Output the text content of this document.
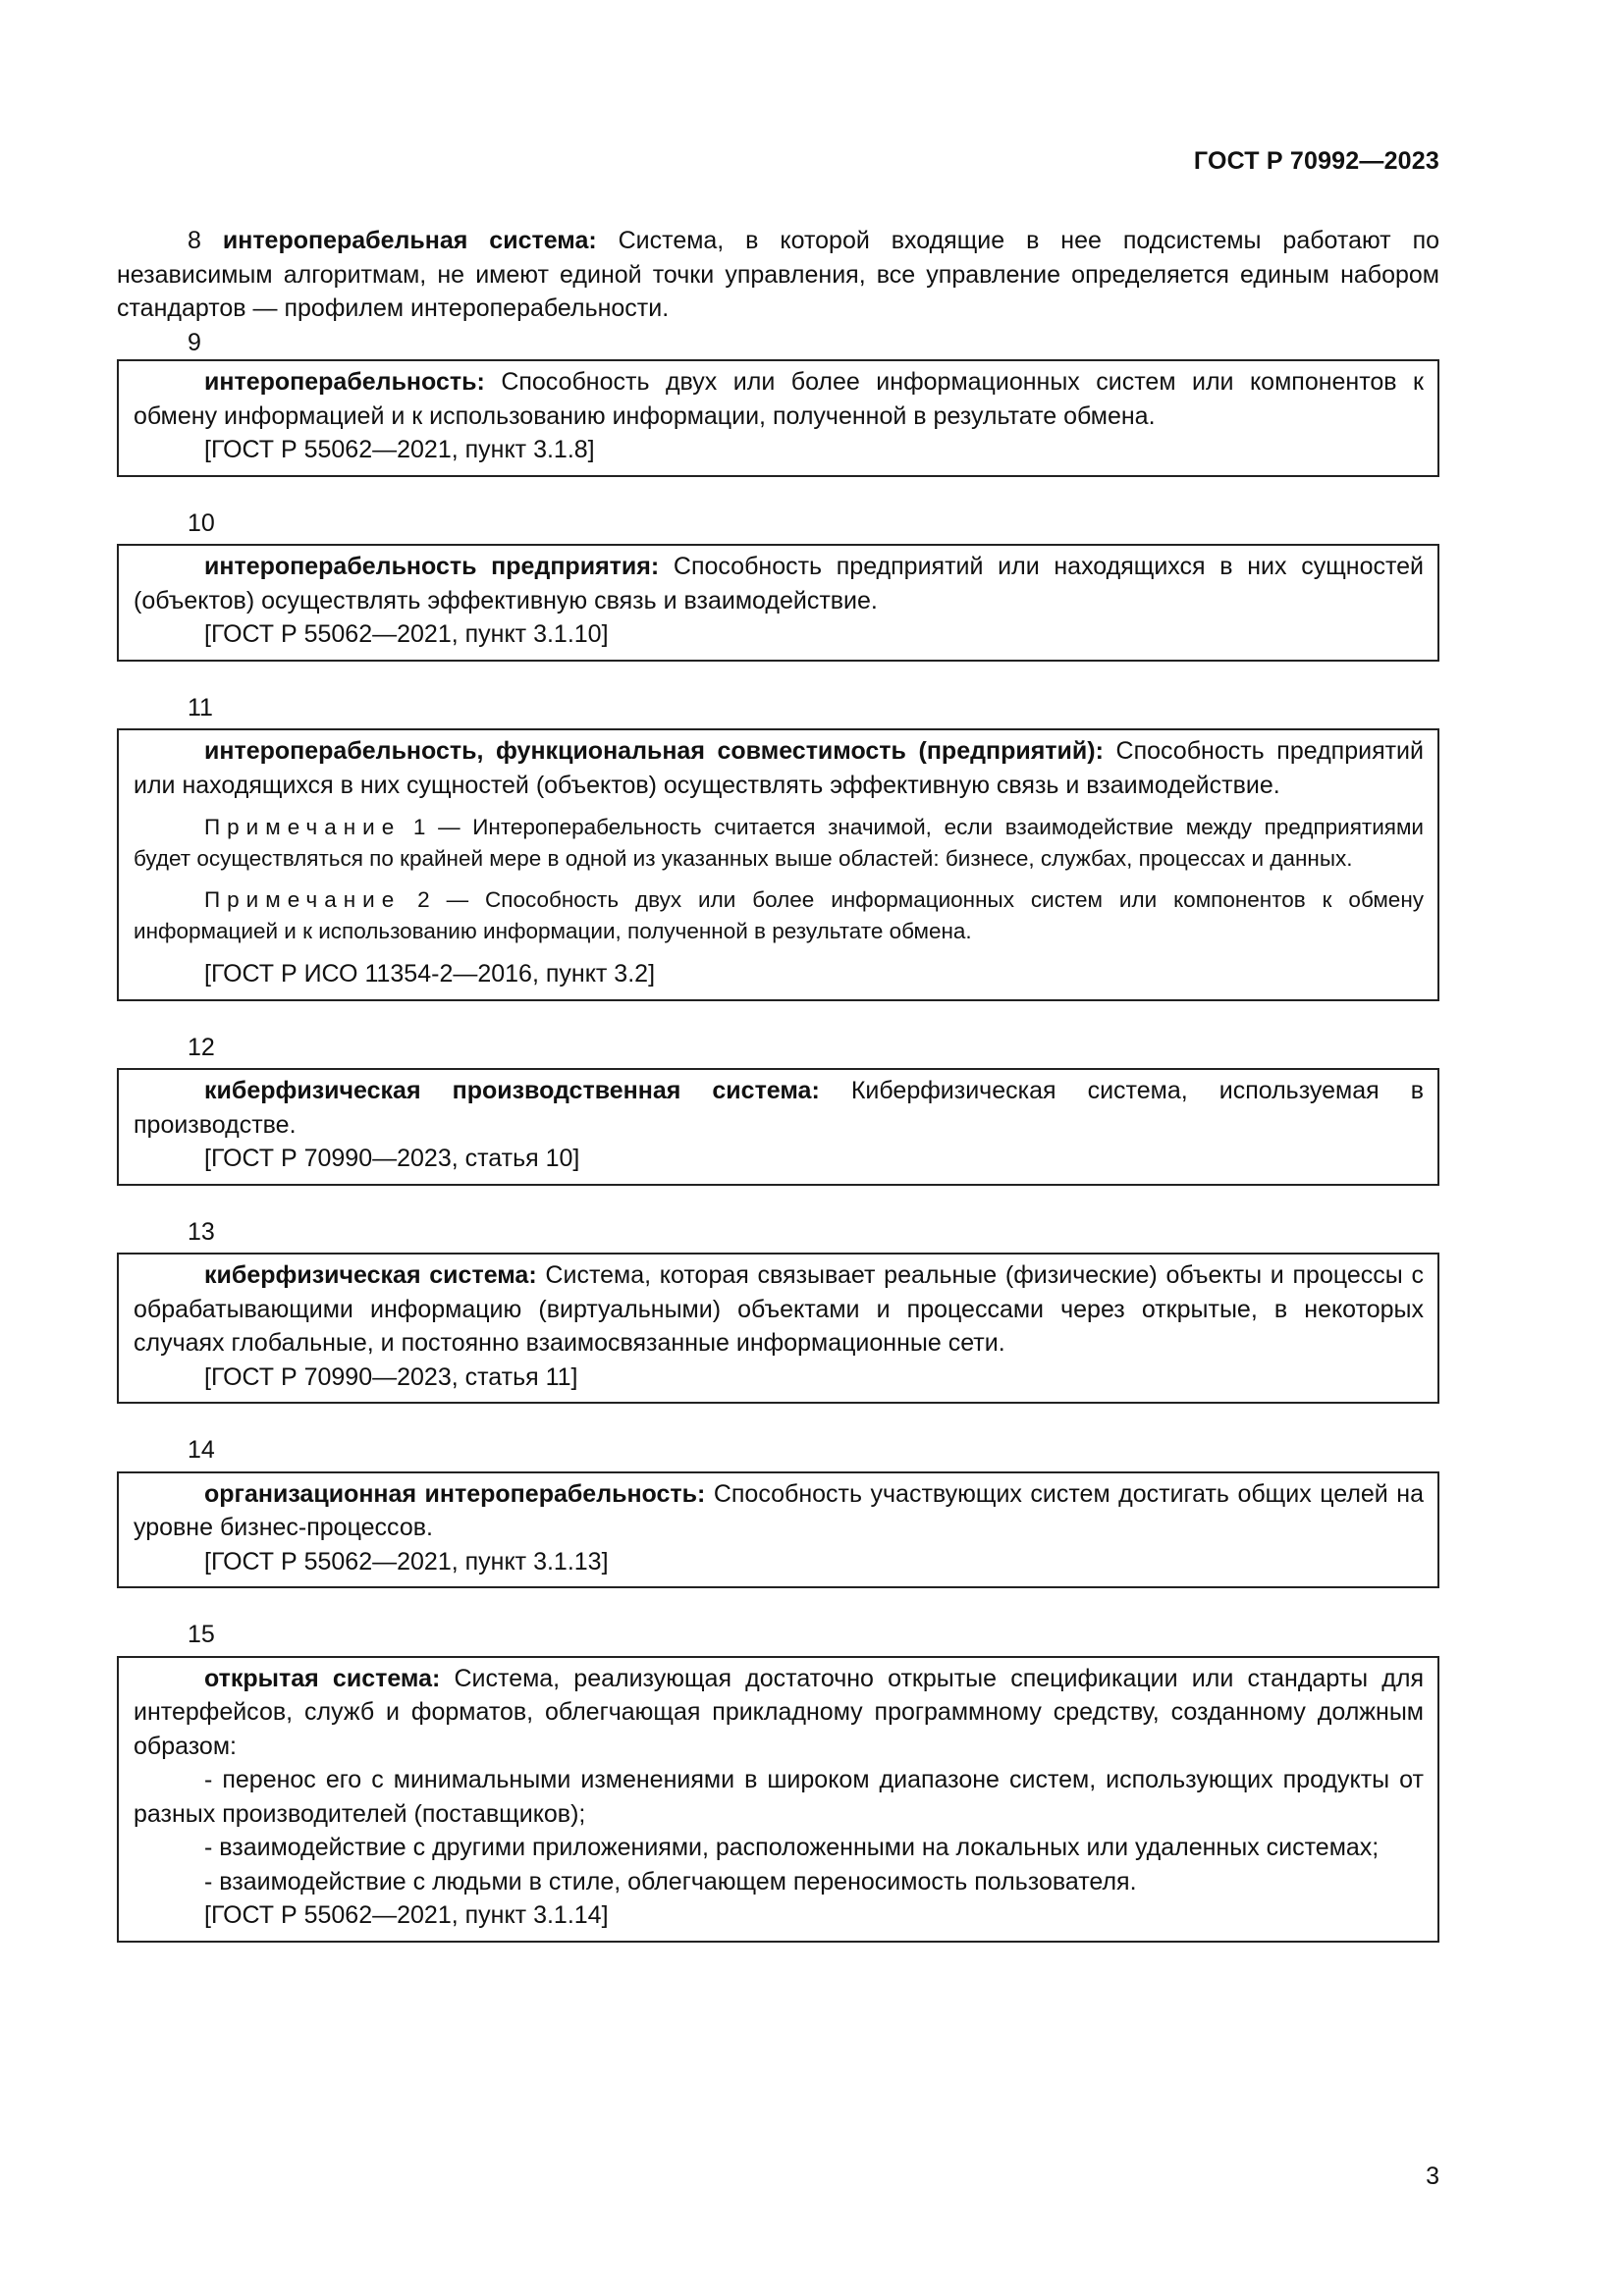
ГОСТ Р 70992—2023

8 интероперабельная система: Система, в которой входящие в нее подсистемы работают по независимым алгоритмам, не имеют единой точки управления, все управление определяется единым набором стандартов — профилем интероперабельности.

9

интероперабельность: Способность двух или более информационных систем или компонентов к обмену информацией и к использованию информации, полученной в результате обмена.

[ГОСТ Р 55062—2021, пункт 3.1.8]

10

интероперабельность предприятия: Способность предприятий или находящихся в них сущностей (объектов) осуществлять эффективную связь и взаимодействие.

[ГОСТ Р 55062—2021, пункт 3.1.10]

11

интероперабельность, функциональная совместимость (предприятий): Способность предприятий или находящихся в них сущностей (объектов) осуществлять эффективную связь и взаимодействие.

Примечание 1 — Интероперабельность считается значимой, если взаимодействие между предприятиями будет осуществляться по крайней мере в одной из указанных выше областей: бизнесе, службах, процессах и данных.

Примечание 2 — Способность двух или более информационных систем или компонентов к обмену информацией и к использованию информации, полученной в результате обмена.

[ГОСТ Р ИСО 11354-2—2016, пункт 3.2]

12

киберфизическая производственная система: Киберфизическая система, используемая в производстве.

[ГОСТ Р 70990—2023, статья 10]

13

киберфизическая система: Система, которая связывает реальные (физические) объекты и процессы с обрабатывающими информацию (виртуальными) объектами и процессами через открытые, в некоторых случаях глобальные, и постоянно взаимосвязанные информационные сети.

[ГОСТ Р 70990—2023, статья 11]

14

организационная интероперабельность: Способность участвующих систем достигать общих целей на уровне бизнес-процессов.

[ГОСТ Р 55062—2021, пункт 3.1.13]

15

открытая система: Система, реализующая достаточно открытые спецификации или стандарты для интерфейсов, служб и форматов, облегчающая прикладному программному средству, созданному должным образом:

- перенос его с минимальными изменениями в широком диапазоне систем, использующих продукты от разных производителей (поставщиков);

- взаимодействие с другими приложениями, расположенными на локальных или удаленных системах;

- взаимодействие с людьми в стиле, облегчающем переносимость пользователя.

[ГОСТ Р 55062—2021, пункт 3.1.14]

3
